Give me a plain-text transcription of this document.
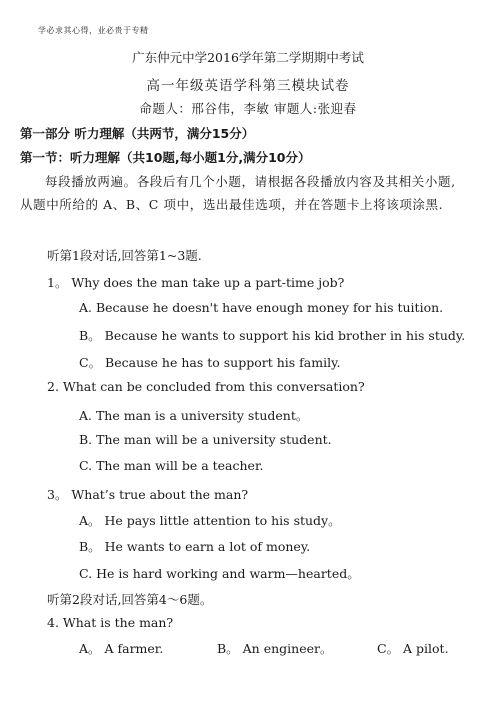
学必求其心得，业必贵于专精
广东仲元中学2016学年第二学期期中考试
高一年级英语学科第三模块试卷
命题人：邢谷伟，李敏 审题人:张迎春
第一部分 听力理解（共两节，满分15分）
第一节：听力理解（共10题,每小题1分,满分10分）
每段播放两遍。各段后有几个小题，请根据各段播放内容及其相关小题,从题中所给的 A、B、C 项中，选出最佳选项，并在答题卡上将该项涂黑.
听第1段对话,回答第1~3题.
1。 Why does the man take up a part-time job?
A. Because he doesn't have enough money for his tuition.
B。 Because he wants to support his kid brother in his study.
C。 Because he has to support his family.
2. What can be concluded from this conversation?
A. The man is a university student。
B. The man will be a university student.
C. The man will be a teacher.
3。 What’s true about the man?
A。 He pays little attention to his study。
B。 He wants to earn a lot of money.
C. He is hard working and warm—hearted。
听第2段对话,回答第4～6题。
4. What is the man?
A。 A farmer.	B。 An engineer。	C。 A pilot.
